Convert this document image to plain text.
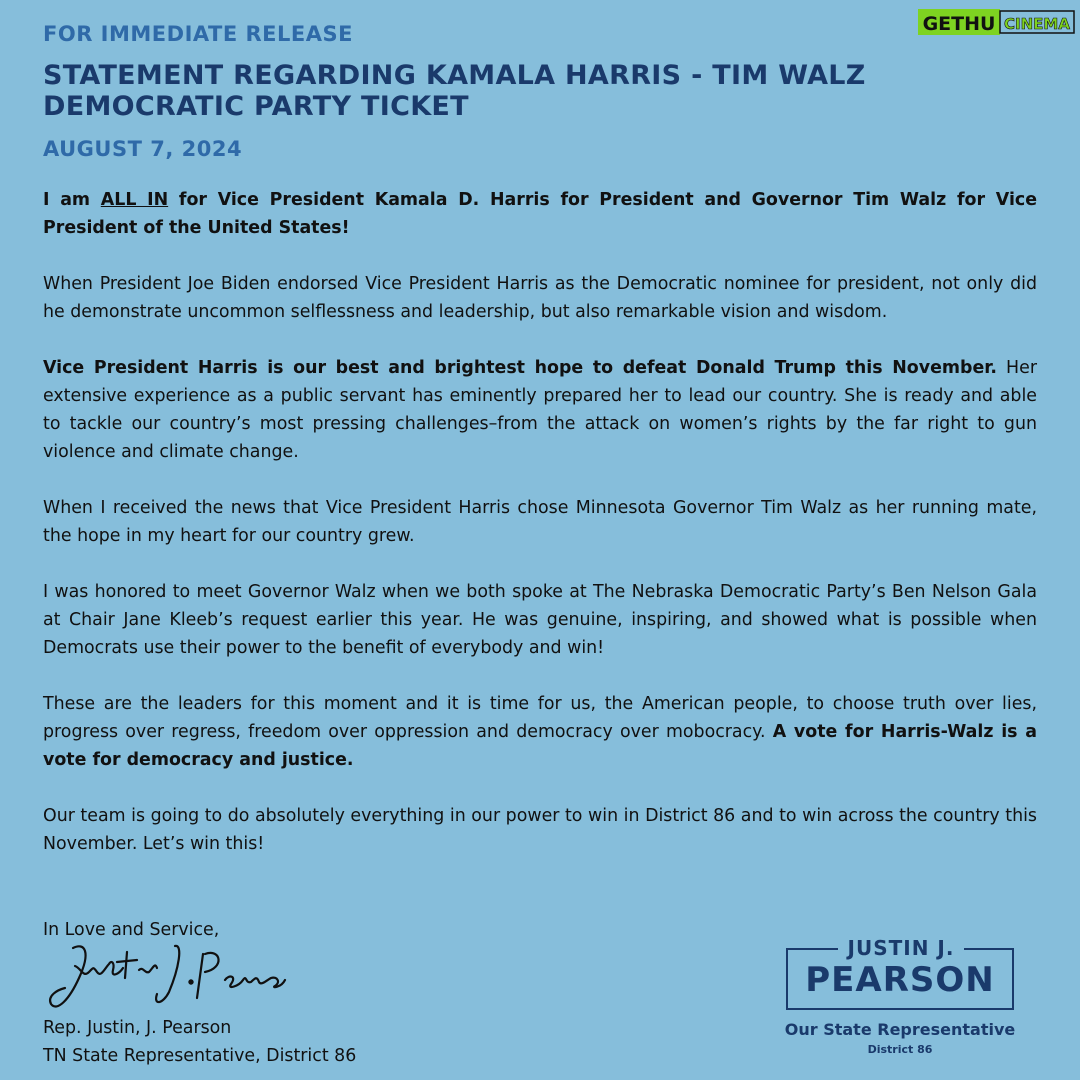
FOR IMMEDIATE RELEASE
STATEMENT REGARDING KAMALA HARRIS - TIM WALZ DEMOCRATIC PARTY TICKET
AUGUST 7, 2024

I am ALL IN for Vice President Kamala D. Harris for President and Governor Tim Walz for Vice President of the United States!

When President Joe Biden endorsed Vice President Harris as the Democratic nominee for president, not only did he demonstrate uncommon selflessness and leadership, but also remarkable vision and wisdom.

Vice President Harris is our best and brightest hope to defeat Donald Trump this November. Her extensive experience as a public servant has eminently prepared her to lead our country. She is ready and able to tackle our country’s most pressing challenges–from the attack on women’s rights by the far right to gun violence and climate change.

When I received the news that Vice President Harris chose Minnesota Governor Tim Walz as her running mate, the hope in my heart for our country grew.

I was honored to meet Governor Walz when we both spoke at The Nebraska Democratic Party’s Ben Nelson Gala at Chair Jane Kleeb’s request earlier this year. He was genuine, inspiring, and showed what is possible when Democrats use their power to the benefit of everybody and win!

These are the leaders for this moment and it is time for us, the American people, to choose truth over lies, progress over regress, freedom over oppression and democracy over mobocracy. A vote for Harris-Walz is a vote for democracy and justice.

Our team is going to do absolutely everything in our power to win in District 86 and to win across the country this November. Let’s win this!

In Love and Service,
Rep. Justin, J. Pearson
TN State Representative, District 86
JUSTIN J.
PEARSON
Our State Representative
District 86
GETHU CINEMA
